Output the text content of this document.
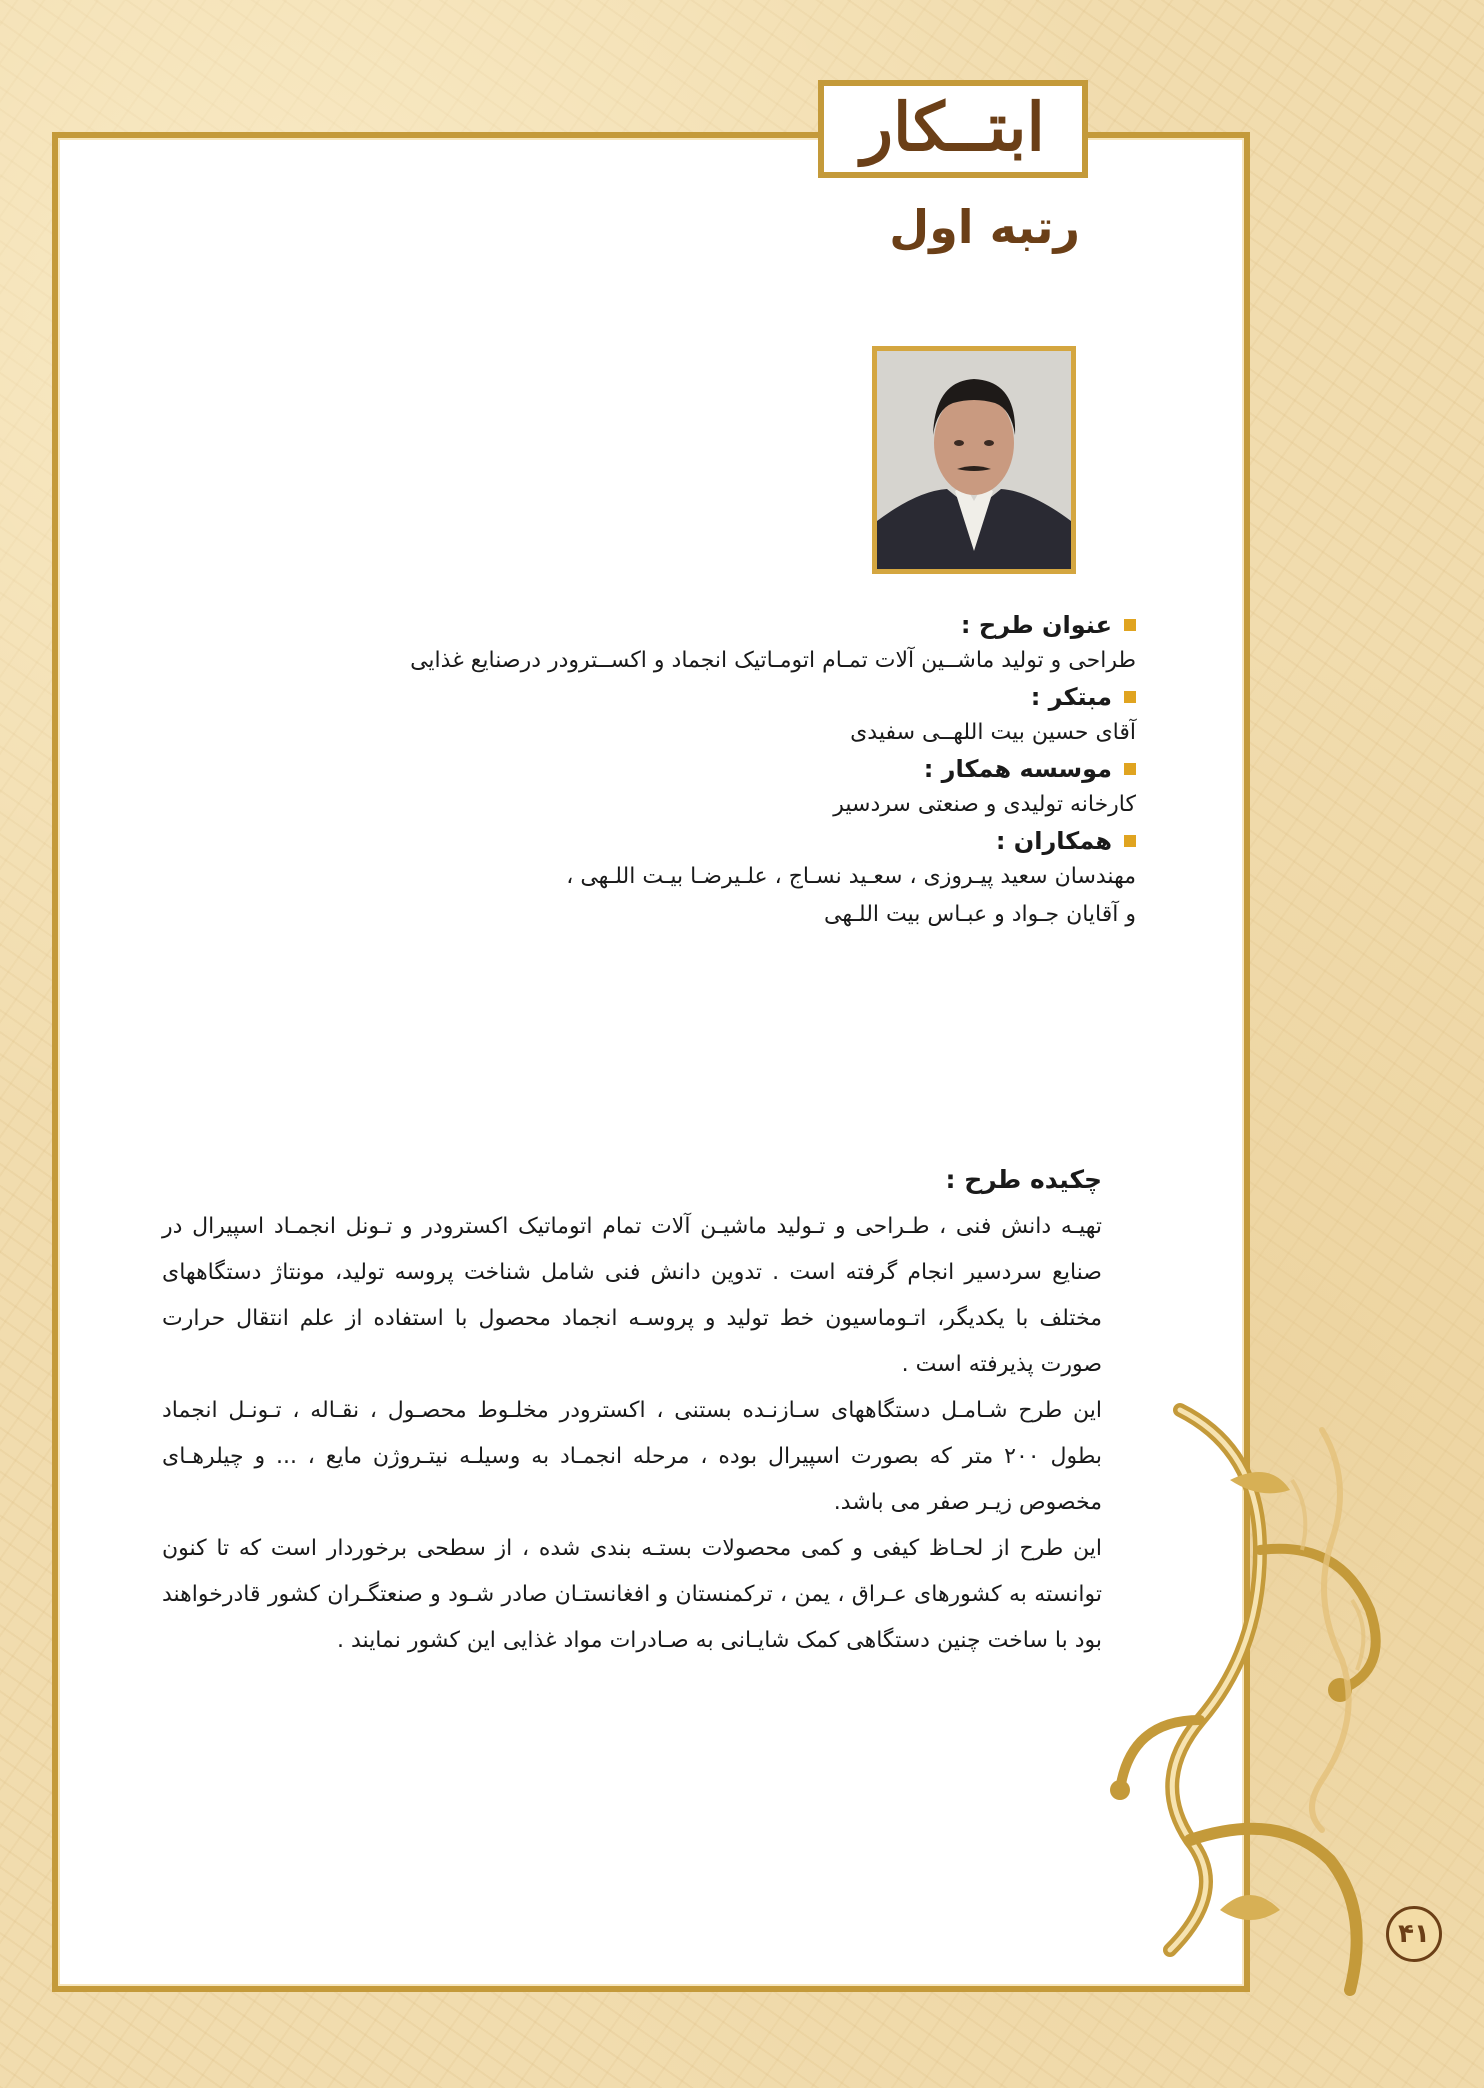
ابتــکار
رتبه اول
عنوان طرح :
طراحی و تولید ماشــین آلات تمـام اتومـاتیک انجماد و اکســترودر درصنایع غذایی
مبتکر :
آقای حسین بیت اللهــی سفیدی
موسسه همکار :
کارخانه تولیدی و صنعتی سردسیر
همکاران :
مهندسان سعید پیـروزی ، سعـید نسـاج ، علـیرضـا بیـت اللـهی ،
و آقایان جـواد و عبـاس بیت اللـهی
چکیده طرح :

تهیـه دانش فنی ، طـراحی و تـولید ماشیـن آلات تمام اتوماتیک اکسترودر و تـونل انجمـاد اسپیرال در صنایع سردسیر انجام گرفته است . تدوین دانش فنی شامل شناخت پروسه تولید، مونتاژ دستگاههای مختلف با یکدیگر، اتـوماسیون خط تولید و پروسـه انجماد محصول با استفاده از علم انتقال حرارت صورت پذیرفته است .

این طرح شـامـل دستگاههای سـازنـده بستنی ، اکسترودر مخلـوط محصـول ، نقـاله ، تـونـل انجماد بطول ۲۰۰ متر که بصورت اسپیرال بوده ، مرحله انجمـاد به وسیلـه نیتـروژن مایع ، ... و چیلرهـای مخصوص زیـر صفر می باشد.

این طرح از لحـاظ کیفی و کمی محصولات بستـه بندی شده ، از سطحی برخوردار است که تا کنون توانسته به کشورهای عـراق ، یمن ، ترکمنستان و افغانستـان صادر شـود و صنعتگـران کشور قادرخواهند بود با ساخت چنین دستگاهی کمک شایـانی به صـادرات مواد غذایی این کشور نمایند .

۴۱
